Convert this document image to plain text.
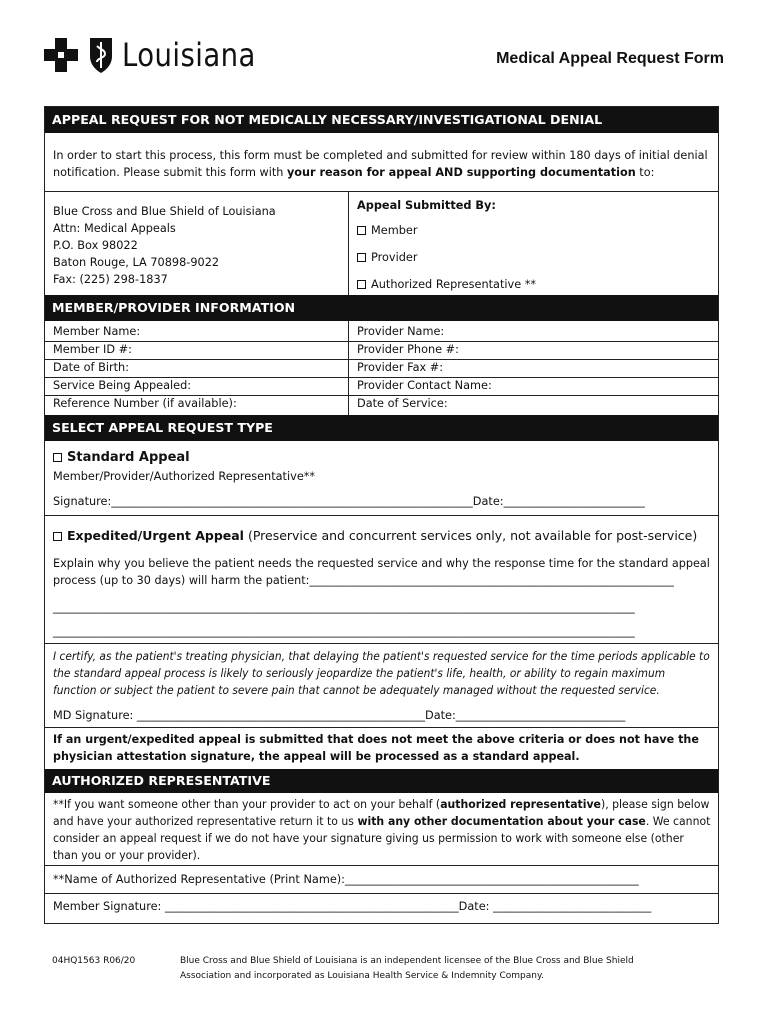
Louisiana	Medical Appeal Request Form
APPEAL REQUEST FOR NOT MEDICALLY NECESSARY/INVESTIGATIONAL DENIAL
In order to start this process, this form must be completed and submitted for review within 180 days of initial denial
notification. Please submit this form with your reason for appeal AND supporting documentation to:
Blue Cross and Blue Shield of Louisiana
Attn: Medical Appeals
P.O. Box 98022
Baton Rouge, LA 70898-9022
Fax: (225) 298-1837
Appeal Submitted By:
Member
Provider
Authorized Representative **
MEMBER/PROVIDER INFORMATION
Member Name:
Member ID #:
Date of Birth:
Service Being Appealed:
Reference Number (if available):
Provider Name:
Provider Phone #:
Provider Fax #:
Provider Contact Name:
Date of Service:
SELECT APPEAL REQUEST TYPE
Standard Appeal
Member/Provider/Authorized Representative**
Signature:________________________________________________________________Date:_________________________
Expedited/Urgent Appeal (Preservice and concurrent services only, not available for post-service)
Explain why you believe the patient needs the requested service and why the response time for the standard appeal
process (up to 30 days) will harm the patient:_________________________________________________________________
_______________________________________________________________________________________________________
_______________________________________________________________________________________________________
I certify, as the patient's treating physician, that delaying the patient's requested service for the time periods applicable to
the standard appeal process is likely to seriously jeopardize the patient's life, health, or ability to regain maximum
function or subject the patient to severe pain that cannot be adequately managed without the requested service.
MD Signature: ___________________________________________________Date:______________________________
If an urgent/expedited appeal is submitted that does not meet the above criteria or does not have the
physician attestation signature, the appeal will be processed as a standard appeal.
AUTHORIZED REPRESENTATIVE
**If you want someone other than your provider to act on your behalf (authorized representative), please sign below
and have your authorized representative return it to us with any other documentation about your case. We cannot
consider an appeal request if we do not have your signature giving us permission to work with someone else (other
than you or your provider).
**Name of Authorized Representative (Print Name):____________________________________________________
Member Signature: ____________________________________________________Date: ____________________________
04HQ1563 R06/20	Blue Cross and Blue Shield of Louisiana is an independent licensee of the Blue Cross and Blue Shield
Association and incorporated as Louisiana Health Service & Indemnity Company.
